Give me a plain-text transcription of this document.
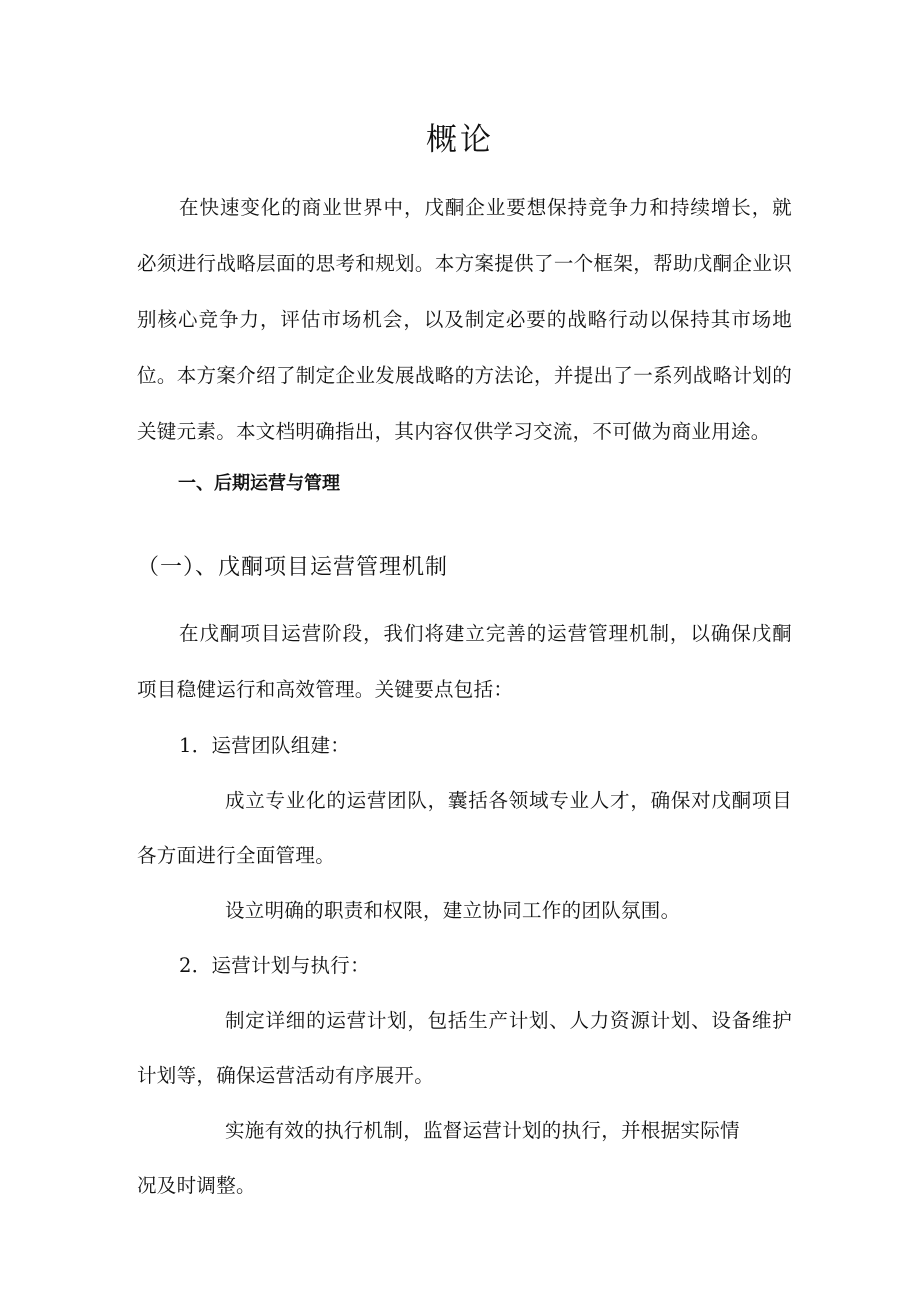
概论

在快速变化的商业世界中，戊酮企业要想保持竞争力和持续增长，就必须进行战略层面的思考和规划。本方案提供了一个框架，帮助戊酮企业识别核心竞争力，评估市场机会，以及制定必要的战略行动以保持其市场地位。本方案介绍了制定企业发展战略的方法论，并提出了一系列战略计划的关键元素。本文档明确指出，其内容仅供学习交流，不可做为商业用途。

一、后期运营与管理
（一）、戊酮项目运营管理机制

在戊酮项目运营阶段，我们将建立完善的运营管理机制，以确保戊酮项目稳健运行和高效管理。关键要点包括：

1．运营团队组建：

成立专业化的运营团队，囊括各领域专业人才，确保对戊酮项目各方面进行全面管理。

设立明确的职责和权限，建立协同工作的团队氛围。

2．运营计划与执行：

制定详细的运营计划，包括生产计划、人力资源计划、设备维护计划等，确保运营活动有序展开。

实施有效的执行机制，监督运营计划的执行，并根据实际情

况及时调整。
